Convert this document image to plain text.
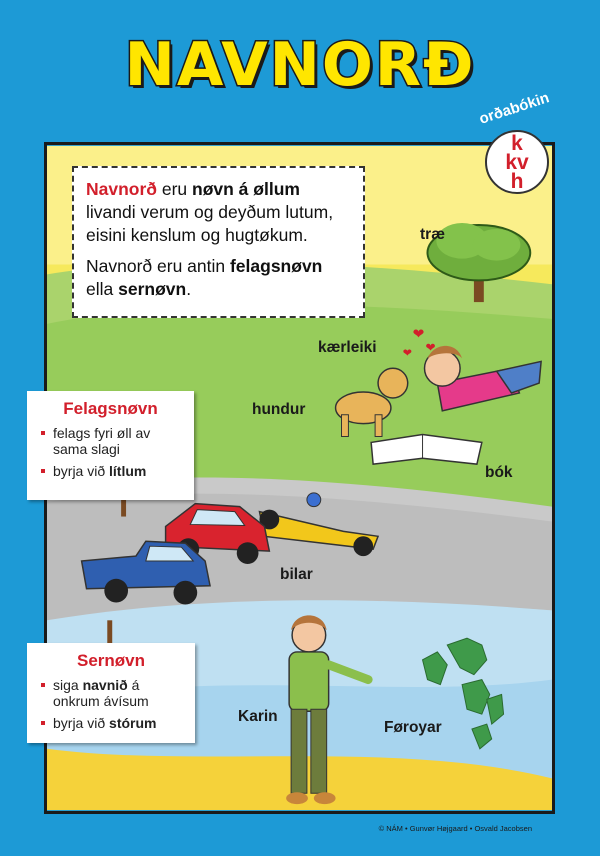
NAVNORÐ
❤
❤ ❤

Navnorð eru nøvn á øllum livandi verum og deyðum lutum, eisini kenslum og hugtøkum.

Navnorð eru antin felagsnøvn ella sernøvn.

Felagsnøvn
felags fyri øll av sama slagi
byrja við lítlum
Sernøvn
siga navnið á onkrum ávísum
byrja við stórum
træ
kærleiki
hundur
bók
bilar
Karin
Føroyar
orðabókin
k
kv
h
© NÁM • Gunvør Højgaard • Osvald Jacobsen
